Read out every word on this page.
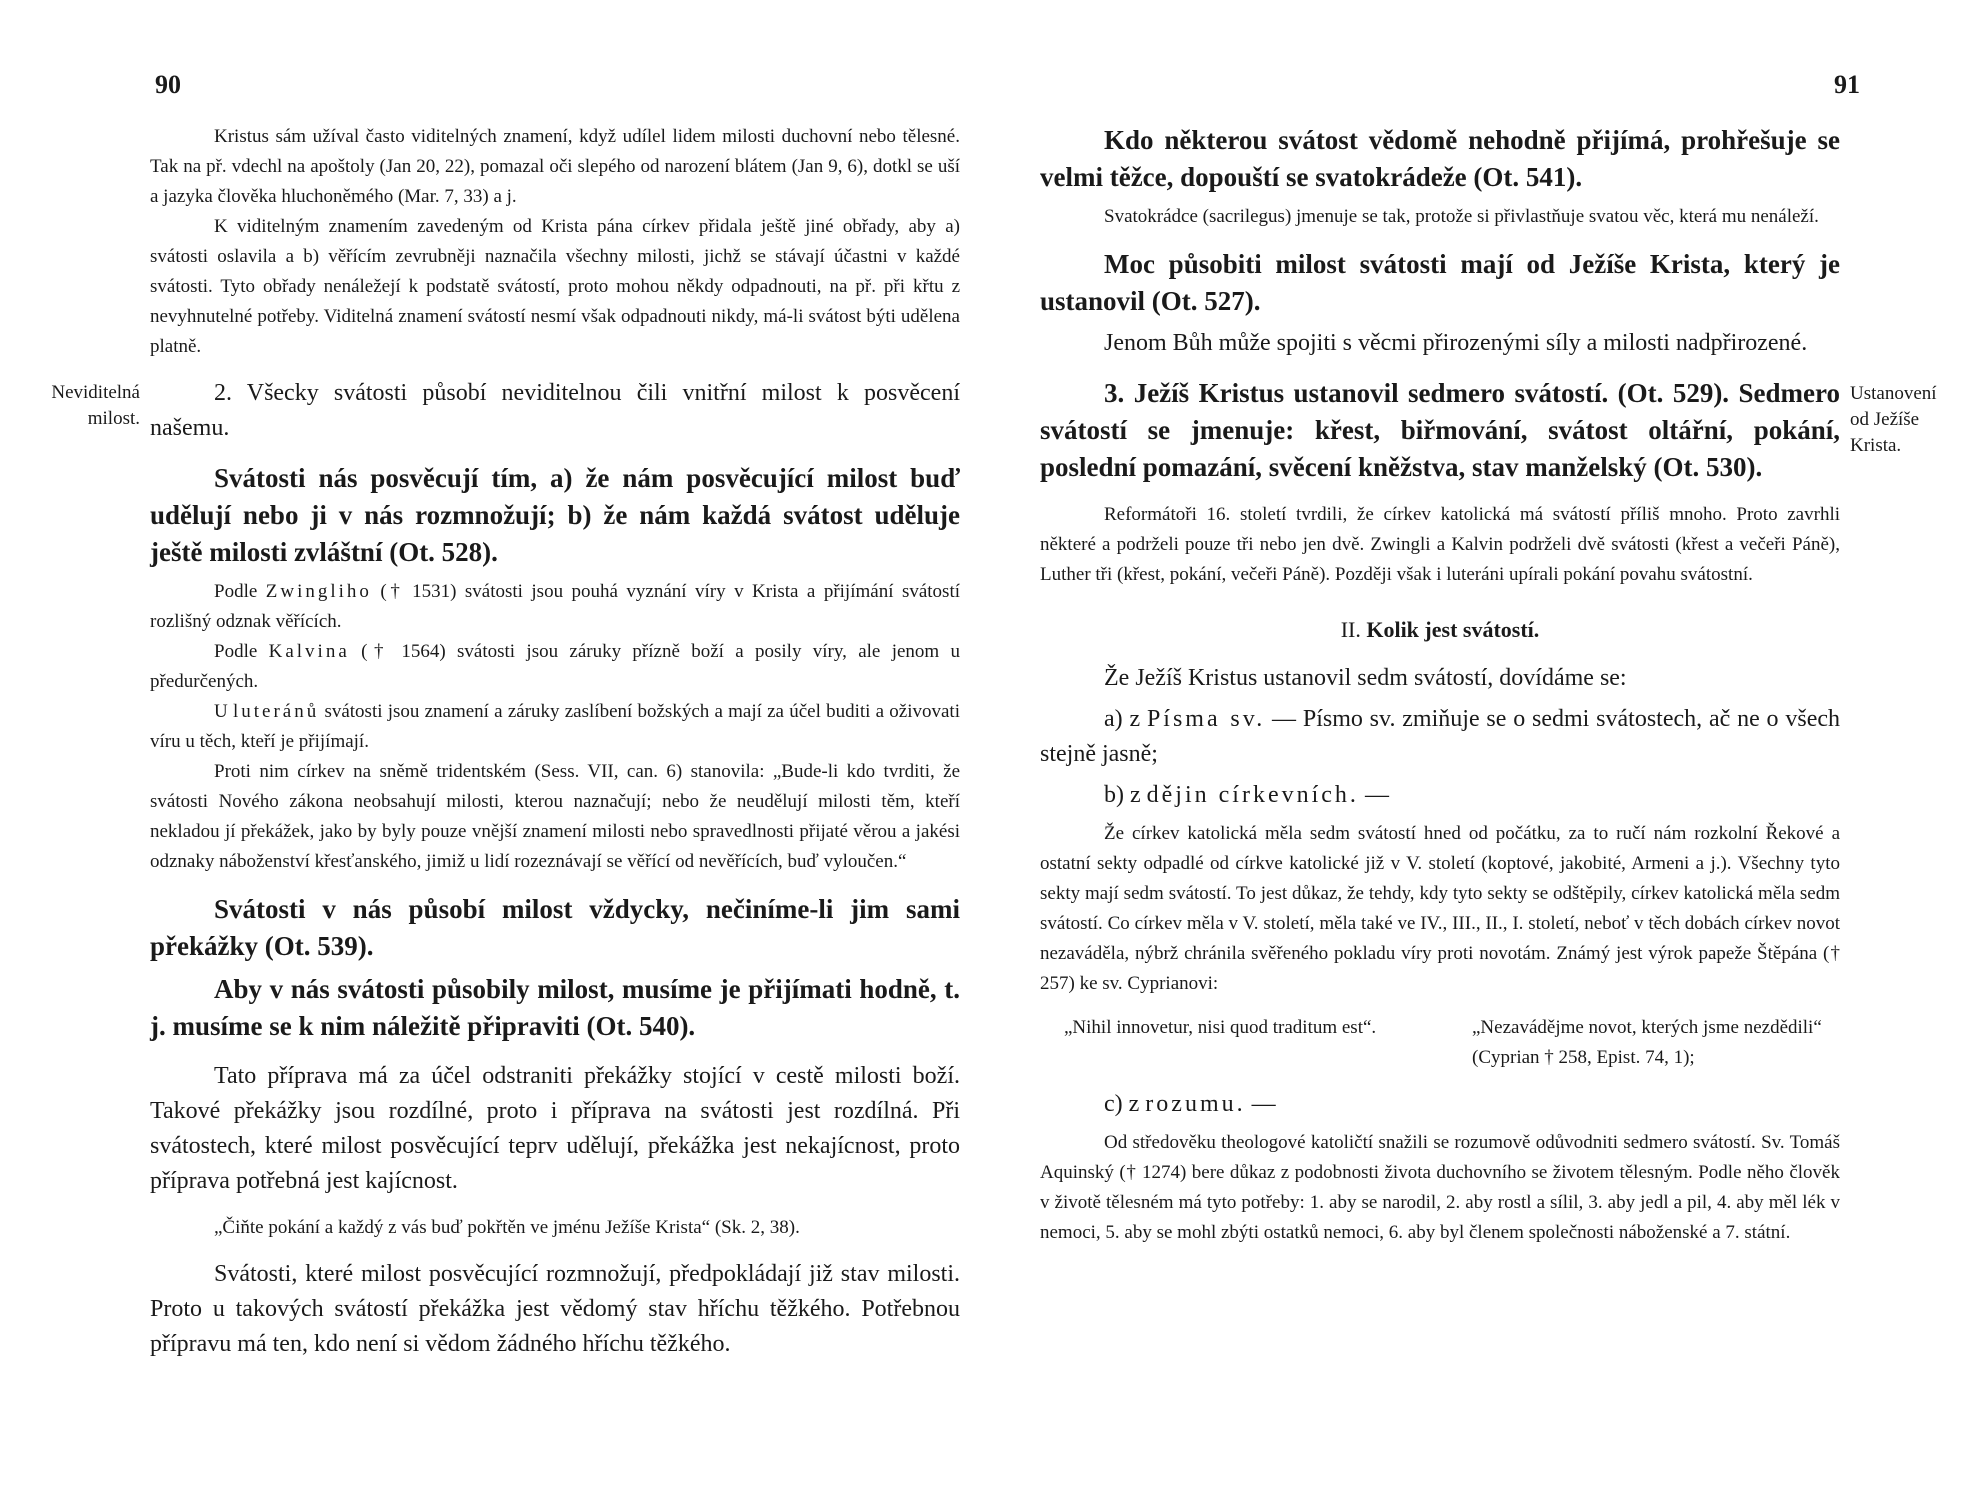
90

Kristus sám užíval často viditelných znamení, když udílel lidem milosti duchovní nebo tělesné. Tak na př. vdechl na apoštoly (Jan 20, 22), pomazal oči slepého od narození blátem (Jan 9, 6), dotkl se uší a jazyka člověka hluchoněmého (Mar. 7, 33) a j.

K viditelným znamením zavedeným od Krista pána církev přidala ještě jiné obřady, aby a) svátosti oslavila a b) věřícím zevrubněji naznačila všechny milosti, jichž se stávají účastni v každé svátosti. Tyto obřady nenáležejí k podstatě svátostí, proto mohou někdy odpadnouti, na př. při křtu z nevyhnutelné potřeby. Viditelná znamení svátostí nesmí však odpadnouti nikdy, má-li svátost býti udělena platně.

Neviditelná milost.

2. Všecky svátosti působí neviditelnou čili vnitřní milost k posvěcení našemu.

Svátosti nás posvěcují tím, a) že nám posvěcující milost buď udělují nebo ji v nás rozmnožují; b) že nám každá svátost uděluje ještě milosti zvláštní (Ot. 528).

Podle Zwingliho († 1531) svátosti jsou pouhá vyznání víry v Krista a přijímání svátostí rozlišný odznak věřících.

Podle Kalvina († 1564) svátosti jsou záruky přízně boží a posily víry, ale jenom u předurčených.

U luteránů svátosti jsou znamení a záruky zaslíbení božských a mají za účel buditi a oživovati víru u těch, kteří je přijímají.

Proti nim církev na sněmě tridentském (Sess. VII, can. 6) stanovila: „Bude-li kdo tvrditi, že svátosti Nového zákona neobsahují milosti, kterou naznačují; nebo že neudělují milosti těm, kteří nekladou jí překážek, jako by byly pouze vnější znamení milosti nebo spravedlnosti přijaté věrou a jakési odznaky náboženství křesťanského, jimiž u lidí rozeznávají se věřící od nevěřících, buď vyloučen.“

Svátosti v nás působí milost vždycky, nečiníme-li jim sami překážky (Ot. 539).

Aby v nás svátosti působily milost, musíme je přijímati hodně, t. j. musíme se k nim náležitě připraviti (Ot. 540).

Tato příprava má za účel odstraniti překážky stojící v cestě milosti boží. Takové překážky jsou rozdílné, proto i příprava na svátosti jest rozdílná. Při svátostech, které milost posvěcující teprv udělují, překážka jest nekajícnost, proto příprava potřebná jest kajícnost.

„Čiňte pokání a každý z vás buď pokřtěn ve jménu Ježíše Krista“ (Sk. 2, 38).

Svátosti, které milost posvěcující rozmnožují, předpokládají již stav milosti. Proto u takových svátostí překážka jest vědomý stav hříchu těžkého. Potřebnou přípravu má ten, kdo není si vědom žádného hříchu těžkého.

91

Kdo některou svátost vědomě nehodně přijímá, prohřešuje se velmi těžce, dopouští se svatokrádeže (Ot. 541).

Svatokrádce (sacrilegus) jmenuje se tak, protože si přivlastňuje svatou věc, která mu nenáleží.

Moc působiti milost svátosti mají od Ježíše Krista, který je ustanovil (Ot. 527).

Jenom Bůh může spojiti s věcmi přirozenými síly a milosti nadpřirozené.

Ustanovení od Ježíše Krista.

3. Ježíš Kristus ustanovil sedmero svátostí. (Ot. 529). Sedmero svátostí se jmenuje: křest, biřmování, svátost oltářní, pokání, poslední pomazání, svěcení kněžstva, stav manželský (Ot. 530).

Reformátoři 16. století tvrdili, že církev katolická má svátostí příliš mnoho. Proto zavrhli některé a podrželi pouze tři nebo jen dvě. Zwingli a Kalvin podrželi dvě svátosti (křest a večeři Páně), Luther tři (křest, pokání, večeři Páně). Později však i luteráni upírali pokání povahu svátostní.

II. Kolik jest svátostí.

Že Ježíš Kristus ustanovil sedm svátostí, dovídáme se:

a) z Písma sv. — Písmo sv. zmiňuje se o sedmi svátostech, ač ne o všech stejně jasně;

b) z dějin církevních. —

Že církev katolická měla sedm svátostí hned od počátku, za to ručí nám rozkolní Řekové a ostatní sekty odpadlé od církve katolické již v V. století (koptové, jakobité, Armeni a j.). Všechny tyto sekty mají sedm svátostí. To jest důkaz, že tehdy, kdy tyto sekty se odštěpily, církev katolická měla sedm svátostí. Co církev měla v V. století, měla také ve IV., III., II., I. století, neboť v těch dobách církev novot nezaváděla, nýbrž chránila svěřeného pokladu víry proti novotám. Známý jest výrok papeže Štěpána († 257) ke sv. Cyprianovi:

„Nihil innovetur, nisi quod traditum est“.	„Nezavádějme novot, kterých jsme nezdědili“ (Cyprian † 258, Epist. 74, 1);

c) z rozumu. —

Od středověku theologové katoličtí snažili se rozumově odůvodniti sedmero svátostí. Sv. Tomáš Aquinský († 1274) bere důkaz z podobnosti života duchovního se životem tělesným. Podle něho člověk v životě tělesném má tyto potřeby: 1. aby se narodil, 2. aby rostl a sílil, 3. aby jedl a pil, 4. aby měl lék v nemoci, 5. aby se mohl zbýti ostatků nemoci, 6. aby byl členem společnosti náboženské a 7. státní.
